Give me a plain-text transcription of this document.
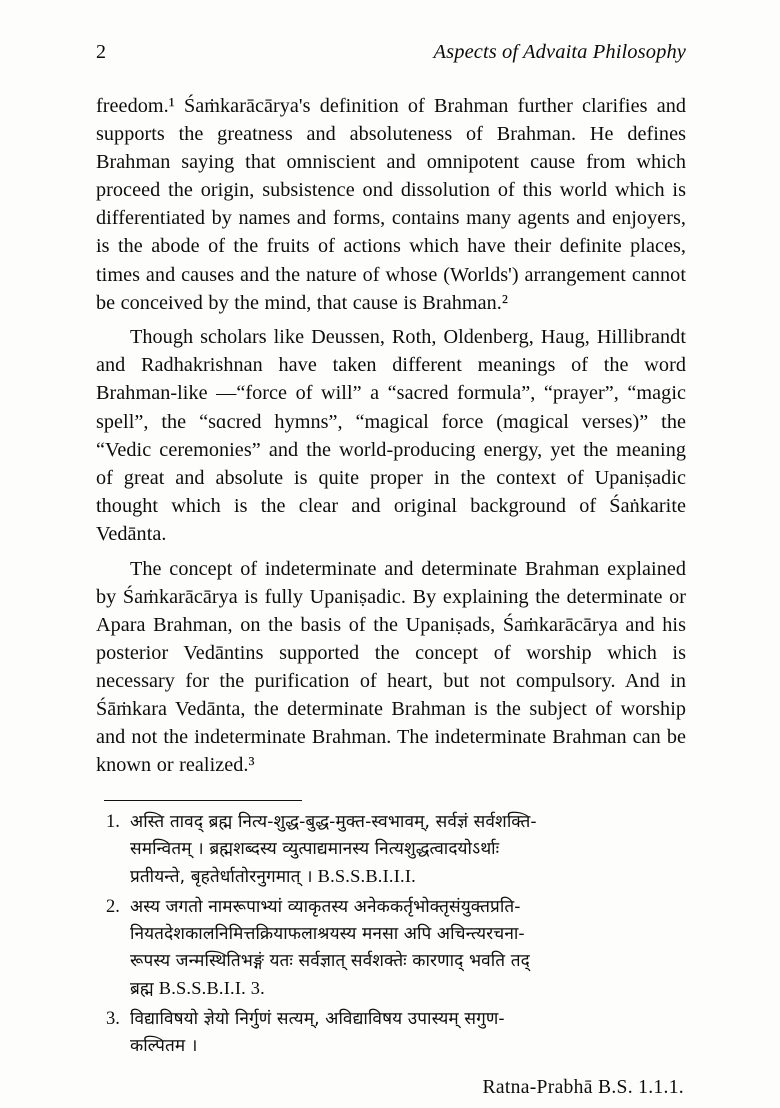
2	Aspects of Advaita Philosophy

freedom.¹ Śaṁkarācārya's definition of Brahman further clarifies and supports the greatness and absoluteness of Brahman. He defines Brahman saying that omniscient and omnipotent cause from which proceed the origin, subsistence ond dissolution of this world which is differentiated by names and forms, contains many agents and enjoyers, is the abode of the fruits of actions which have their definite places, times and causes and the nature of whose (Worlds') arrangement cannot be conceived by the mind, that cause is Brahman.²

Though scholars like Deussen, Roth, Oldenberg, Haug, Hillibrandt and Radhakrishnan have taken different meanings of the word Brahman-like —“force of will” a “sacred formula”, “prayer”, “magic spell”, the “sɑcred hymns”, “magical force (mɑgical verses)” the “Vedic ceremonies” and the world-producing energy, yet the meaning of great and absolute is quite proper in the context of Upaniṣadic thought which is the clear and original background of Śaṅkarite Vedānta.

The concept of indeterminate and determinate Brahman explained by Śaṁkarācārya is fully Upaniṣadic. By explaining the determinate or Apara Brahman, on the basis of the Upaniṣads, Śaṁkarācārya and his posterior Vedāntins supported the concept of worship which is necessary for the purification of heart, but not compulsory. And in Śāṁkara Vedānta, the determinate Brahman is the subject of worship and not the indeterminate Brahman. The indeterminate Brahman can be known or realized.³

1. अस्ति तावद् ब्रह्म नित्य-शुद्ध-बुद्ध-मुक्त-स्वभावम्, सर्वज्ञं सर्वशक्ति-
समन्वितम् । ब्रह्मशब्दस्य व्युत्पाद्यमानस्य नित्यशुद्धत्वादयोऽर्थाः
प्रतीयन्ते, बृहतेर्धातोरनुगमात् । B.S.S.B.I.I.I.
2. अस्य जगतो नामरूपाभ्यां व्याकृतस्य अनेककर्तृभोक्तृसंयुक्तप्रति-
नियतदेशकालनिमित्तक्रियाफलाश्रयस्य मनसा अपि अचिन्त्यरचना-
रूपस्य जन्मस्थितिभङ्गं यतः सर्वज्ञात् सर्वशक्तेः कारणाद् भवति तद्
ब्रह्म B.S.S.B.I.I. 3.
3. विद्याविषयो ज्ञेयो निर्गुणं सत्यम्, अविद्याविषय उपास्यम् सगुण-
कल्पितम ।
Ratna-Prabhā B.S. 1.1.1.
